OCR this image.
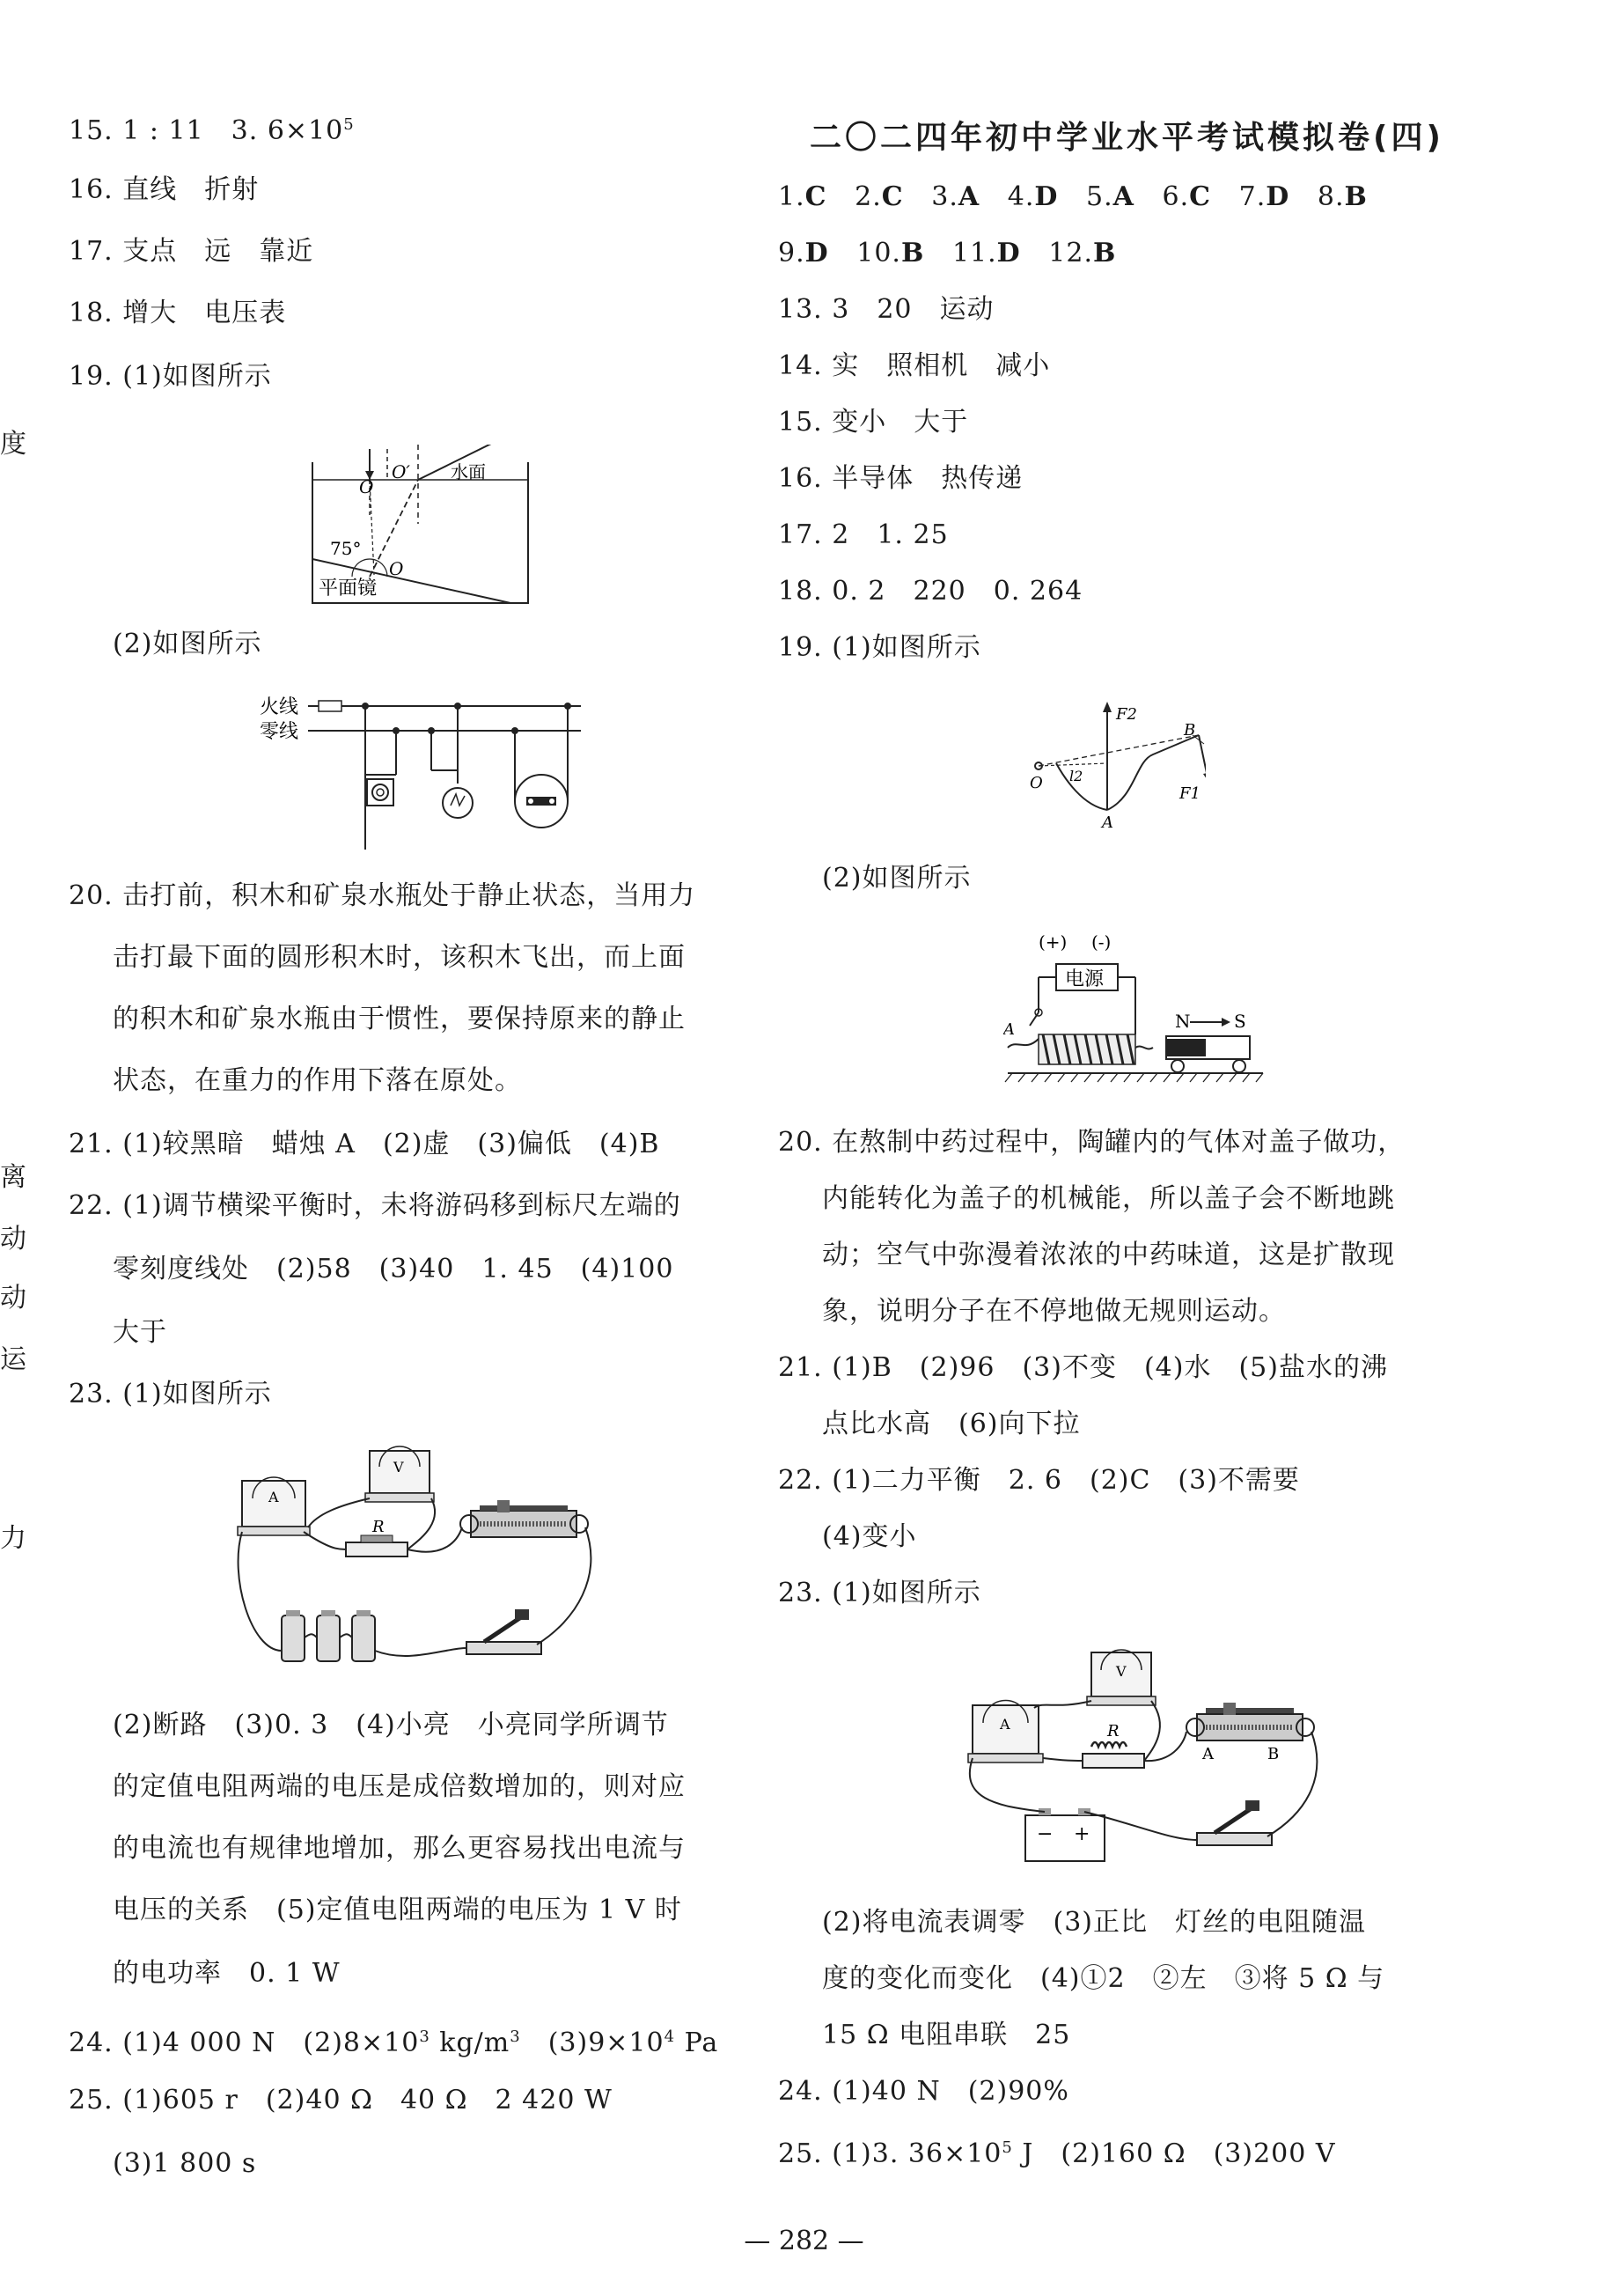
度
离
动
动
运
力
15. 1 : 11　3. $6\times 10^5$
16. 直线　折射
17. 支点　远　靠近
18. 增大　电压表
19. (1)如图所示
O
O′ 水面
75°
O
平面镜
(2)如图所示
火线
零线
20. 击打前，积木和矿泉水瓶处于静止状态，当用力
击打最下面的圆形积木时，该积木飞出，而上面
的积木和矿泉水瓶由于惯性，要保持原来的静止
状态，在重力的作用下落在原处。
21. (1)较黑暗　蜡烛 A　(2)虚　(3)偏低　(4)B
22. (1)调节横梁平衡时，未将游码移到标尺左端的
零刻度线处　(2)58　(3)40　1. 45　(4)100
大于
23. (1)如图所示
A
V
R
(2)断路　(3)0. 3　(4)小亮　小亮同学所调节
的定值电阻两端的电压是成倍数增加的，则对应
的电流也有规律地增加，那么更容易找出电流与
电压的关系　(5)定值电阻两端的电压为 1 V 时
的电功率　0. 1 W
24. (1)4 000 N　$(2)8\times 10^3$ $kg/m^3$　$(3)9\times 10^4$ Pa
25. (1)605 r　(2)40 Ω　40 Ω　2 420 W
(3)1 800 s
二〇二四年初中学业水平考试模拟卷(四)
1.C 2.C 3.A 4.D 5.A 6.C 7.D 8.B
9.D 10.B 11.D 12.B
13. 3　20　运动
14. 实　照相机　减小
15. 变小　大于
16. 半导体　热传递
17. 2　1. 25
18. 0. 2　220　0. 264
19. (1)如图所示
F2
B
O l2
A
F1
(2)如图所示
(+) (-)
电源
A	N S
20. 在熬制中药过程中，陶罐内的气体对盖子做功，
内能转化为盖子的机械能，所以盖子会不断地跳
动；空气中弥漫着浓浓的中药味道，这是扩散现
象，说明分子在不停地做无规则运动。
21. (1)B　(2)96　(3)不变　(4)水　(5)盐水的沸
点比水高　(6)向下拉
22. (1)二力平衡　2. 6　(2)C　(3)不需要
(4)变小
23. (1)如图所示
A
V
R
A	B
− +
(2)将电流表调零　(3)正比　灯丝的电阻随温
度的变化而变化　(4)①2　②左　③将 5 Ω 与
15 Ω 电阻串联　25
24. (1)40 N　(2)90%
25. (1)3. $36\times 10^5$ J　(2)160 Ω　(3)200 V
— 282 —
